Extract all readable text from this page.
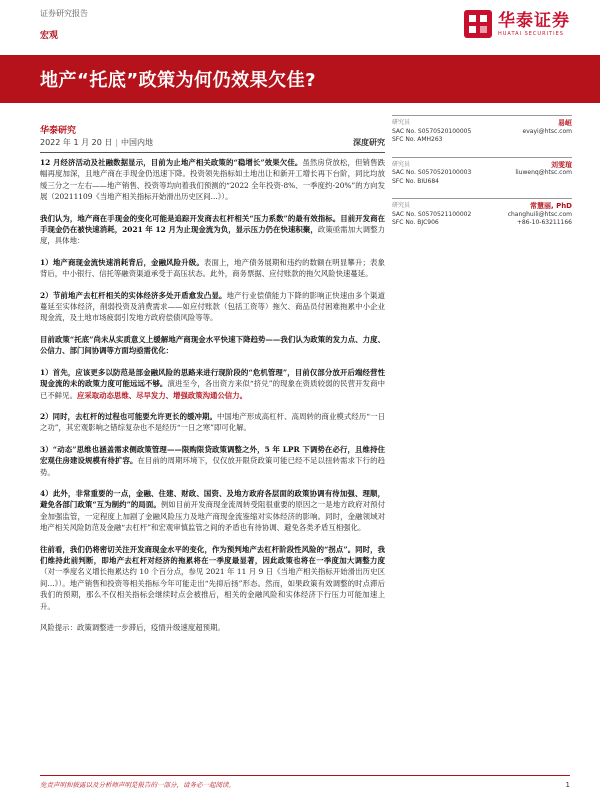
证券研究报告
宏观
华泰证券
HUATAI SECURITIES
地产“托底”政策为何仍效果欠佳?
华泰研究
2022 年 1 月 20 日 | 中国内地	深度研究

12 月经济活动及社融数据显示，目前为止地产相关政策的“稳增长”效果欠佳。虽然房贷放松，但销售跌幅再度加深，且地产商在手现金仍迅速下降。投资领先指标如土地出让和新开工增长再下台阶，同比均放缓三分之一左右——地产销售、投资等均向着我们预测的“2022 全年投资-8%、一季度约-20%”的方向发展（20211109《当地产相关指标开始滑出历史区间...》）。

我们认为，地产商在手现金的变化可能是追踪开发商去杠杆相关“压力系数”的最有效指标。目前开发商在手现金仍在被快速消耗，2021 年 12 月为止现金流为负，显示压力仍在快速积聚，政策亟需加大调整力度，具体地：

1）地产商现金流快速消耗背后，金融风险升级。表面上，地产债务展期和违约的数额在明显攀升；表象背后，中小银行、信托等融资渠道承受于高压状态。此外，商务票据、应付账款的拖欠风险快速蔓延。

2）节前地产去杠杆相关的实体经济多处开盾愈发凸显。地产行业偿债能力下降的影响正快速由多个渠道蔓延至实体经济，削弱投资及消费需求——如应付账款（包括工资等）拖欠、商品员付困难拖累中小企业现金流，及土地市场疲弱引发地方政府偿债风险等等。

目前政策“托底”尚未从实质意义上缓解地产商现金水平快速下降趋势——我们认为政策的发力点、力度、公信力、部门间协调等方面均亟需优化：

1）首先，应该更多以防范是部金融风险的思路来进行现阶段的“危机管理”，目前仅部分放开后端经营性现金流的未的政策力度可能远远不够。演进至今，各出资方来似“挤兑”的现象在资质较弱的民营开发商中已不鲜见。应采取动态思维、尽早发力、增强政策沟通公信力。

2）同时，去杠杆的过程也可能要允许更长的缓冲期。中国地产形成高杠杆、高周转的商业模式经历“一日之功”，其宏观影响之错综复杂也不是经历“一日之寒”即可化解。

3）“动态”思维也涵盖需求侧政策管理——限购限贷政策调整之外，5 年 LPR 下调势在必行，且维持住宏观住房建设规模有待扩容。在目前的周期环境下，仅仅放开限贷政策可能已经不足以扭转需求下行的趋势。

4）此外，非常重要的一点，金融、住建、财政、国资、及地方政府各层面的政策协调有待加强、理顺，避免各部门政策“互为制约”的局面。例如目前开发商现金流周转受阻很重要的原因之一是地方政府对预付金加强监管，一定程度上加剧了金融风险压力及地产商现金流鉴缩对实体经济的影响。同时，金融领域对地产相关风险防范及金融“去杠杆”和宏观审慎监管之间的矛盾也有待协调、避免各类矛盾互相强化。

往前看，我们仍将密切关注开发商现金水平的变化，作为预判地产去杠杆阶段性风险的“拐点”。同时，我们维持此前判断，即地产去杠杆对经济的拖累将在一季度最显著，因此政策也将在一季度加大调整力度（对一季度名义增长拖累达约 10 个百分点，参见 2021 年 11 月 9 日《当地产相关指标开始滑出历史区间...》）。地产销售和投资等相关指标今年可能走出“先抑后扬”形态。然而，如果政策有效调整的时点滞后我们的预期，那么不仅相关指标会继续时点会被推后，相关的金融风险和实体经济下行压力可能加速上升。

风险提示：政策调整进一步滞后，疫情升级速度超预期。

研究员	易峘
SAC No. S0570520100005	evayi@htsc.com
SFC No. AMH263
研究员	刘雯瑄
SAC No. S0570520100003	liuwenq@htsc.com
SFC No. BIU684
研究员	常慧丽, PhD
SAC No. S0570521100002	changhuili@htsc.com
SFC No. BJC906	+86-10-63211166
免责声明和披露以及分析师声明是报告的一部分，请务必一起阅读。	1
